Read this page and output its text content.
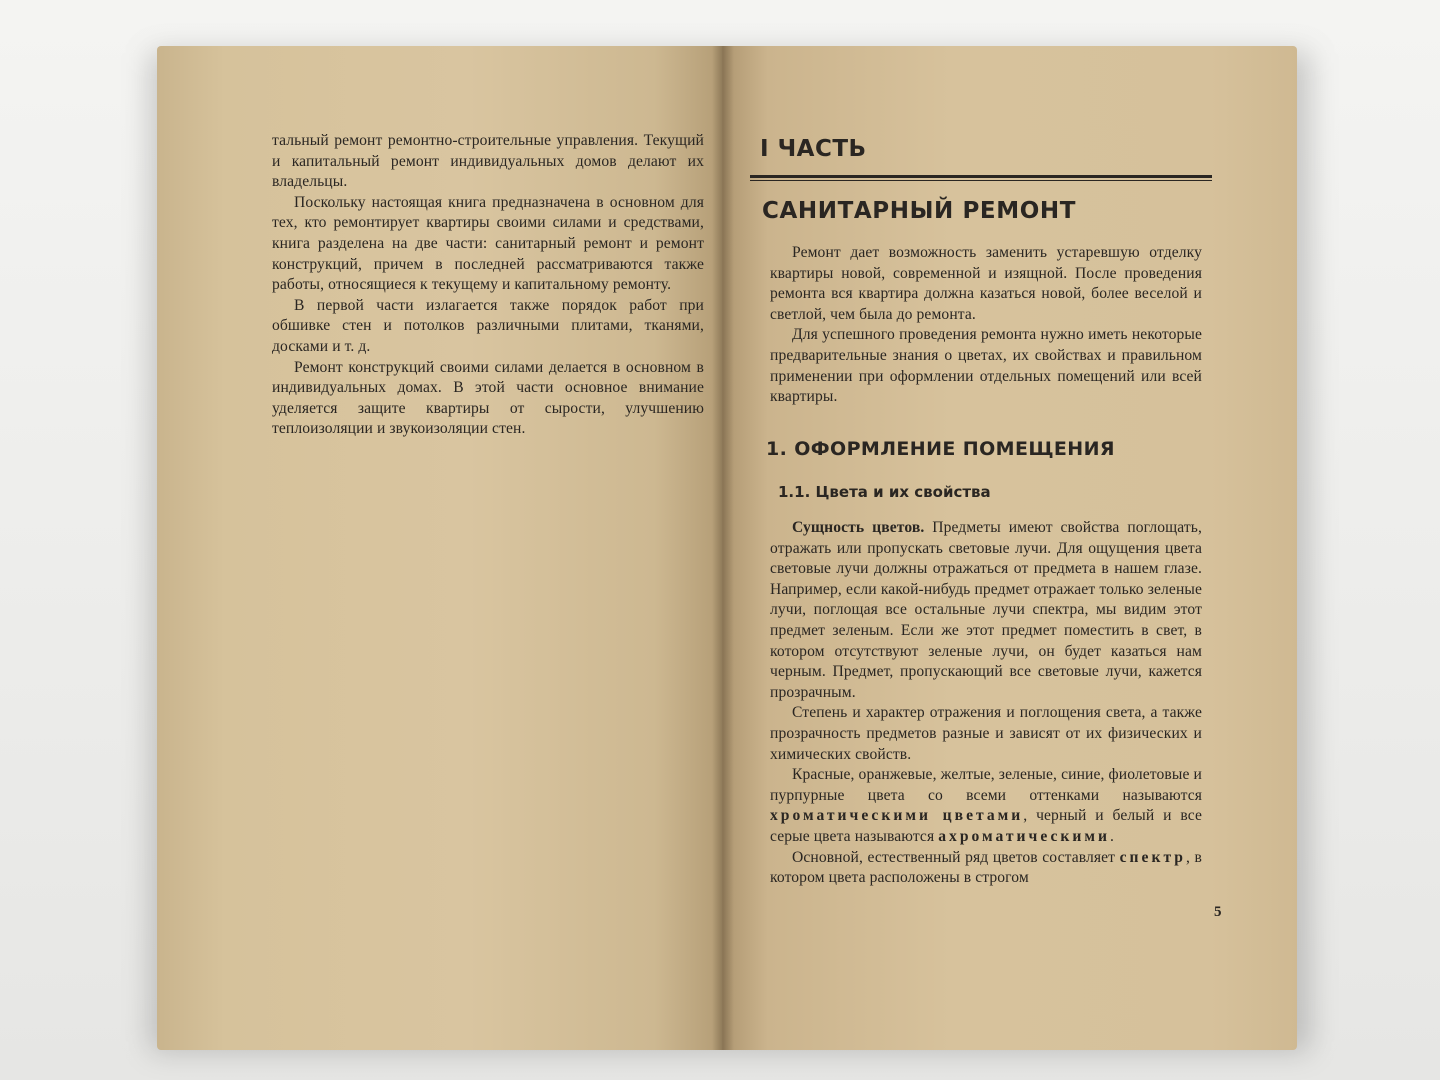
тальный ремонт ремонтно-строительные управления. Текущий и капитальный ремонт индивидуальных домов делают их владельцы.

Поскольку настоящая книга предназначена в основном для тех, кто ремонтирует квартиры своими силами и средствами, книга разделена на две части: санитарный ремонт и ремонт конструкций, причем в последней рассматриваются также работы, относящиеся к текущему и капитальному ремонту.

В первой части излагается также порядок работ при обшивке стен и потолков различными плитами, тканями, досками и т. д.

Ремонт конструкций своими силами делается в основном в индивидуальных домах. В этой части основное внимание уделяется защите квартиры от сырости, улучшению теплоизоляции и звукоизоляции стен.

I ЧАСТЬ
САНИТАРНЫЙ РЕМОНТ

Ремонт дает возможность заменить устаревшую отделку квартиры новой, современной и изящной. После проведения ремонта вся квартира должна казаться новой, более веселой и светлой, чем была до ремонта.

Для успешного проведения ремонта нужно иметь некоторые предварительные знания о цветах, их свойствах и правильном применении при оформлении отдельных помещений или всей квартиры.

1. ОФОРМЛЕНИЕ ПОМЕЩЕНИЯ
1.1. Цвета и их свойства

Сущность цветов. Предметы имеют свойства поглощать, отражать или пропускать световые лучи. Для ощущения цвета световые лучи должны отражаться от предмета в нашем глазе. Например, если какой-нибудь предмет отражает только зеленые лучи, поглощая все остальные лучи спектра, мы видим этот предмет зеленым. Если же этот предмет поместить в свет, в котором отсутствуют зеленые лучи, он будет казаться нам черным. Предмет, пропускающий все световые лучи, кажется прозрачным.

Степень и характер отражения и поглощения света, а также прозрачность предметов разные и зависят от их физических и химических свойств.

Красные, оранжевые, желтые, зеленые, синие, фиолетовые и пурпурные цвета со всеми оттенками называются хроматическими цветами, черный и белый и все серые цвета называются ахроматическими.

Основной, естественный ряд цветов составляет спектр, в котором цвета расположены в строгом

5
